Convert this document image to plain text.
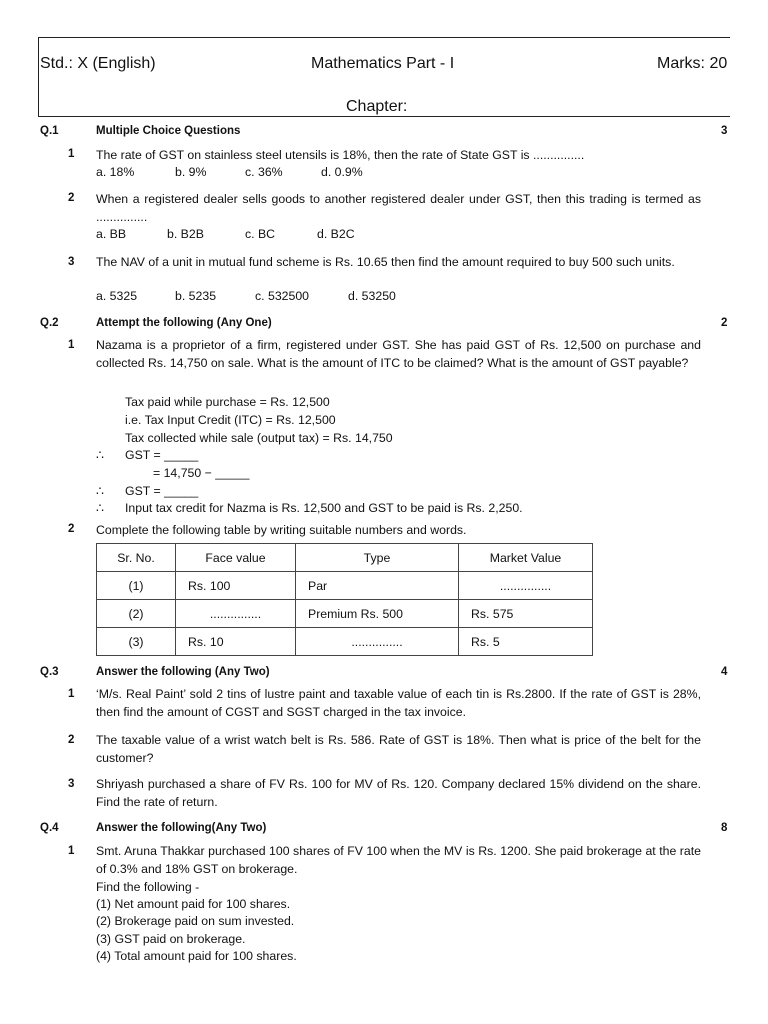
Std.: X (English)	Mathematics Part - I	Marks: 20
Chapter:
Q.1	Multiple Choice Questions	3
1 The rate of GST on stainless steel utensils is 18%, then the rate of State GST is ...............
a. 18%	b. 9%	c. 36%	d. 0.9%
2 When a registered dealer sells goods to another registered dealer under GST, then this trading is termed as ...............
a. BB	b. B2B	c. BC	d. B2C
3 The NAV of a unit in mutual fund scheme is Rs. 10.65 then find the amount required to buy 500 such units.
a. 5325	b. 5235	c. 532500	d. 53250
Q.2	Attempt the following (Any One)	2
1 Nazama is a proprietor of a firm, registered under GST. She has paid GST of Rs. 12,500 on purchase and collected Rs. 14,750 on sale. What is the amount of ITC to be claimed? What is the amount of GST payable?
Tax paid while purchase = Rs. 12,500
i.e. Tax Input Credit (ITC) = Rs. 12,500
Tax collected while sale (output tax) = Rs. 14,750
∴ GST = _____
= 14,750 − _____
∴ GST = _____
∴ Input tax credit for Nazma is Rs. 12,500 and GST to be paid is Rs. 2,250.
2 Complete the following table by writing suitable numbers and words.
Sr. No.	Face value	Type	Market Value
(1)	Rs. 100	Par	...............
(2)	...............	Premium Rs. 500	Rs. 575
(3)	Rs. 10	...............	Rs. 5
Q.3	Answer the following (Any Two)	4
1 ‘M/s. Real Paint’ sold 2 tins of lustre paint and taxable value of each tin is Rs.2800. If the rate of GST is 28%, then find the amount of CGST and SGST charged in the tax invoice.
2 The taxable value of a wrist watch belt is Rs. 586. Rate of GST is 18%. Then what is price of the belt for the customer?
3 Shriyash purchased a share of FV Rs. 100 for MV of Rs. 120. Company declared 15% dividend on the share. Find the rate of return.
Q.4	Answer the following(Any Two)	8
1 Smt. Aruna Thakkar purchased 100 shares of FV 100 when the MV is Rs. 1200. She paid brokerage at the rate of 0.3% and 18% GST on brokerage.
Find the following -
(1) Net amount paid for 100 shares.
(2) Brokerage paid on sum invested.
(3) GST paid on brokerage.
(4) Total amount paid for 100 shares.
